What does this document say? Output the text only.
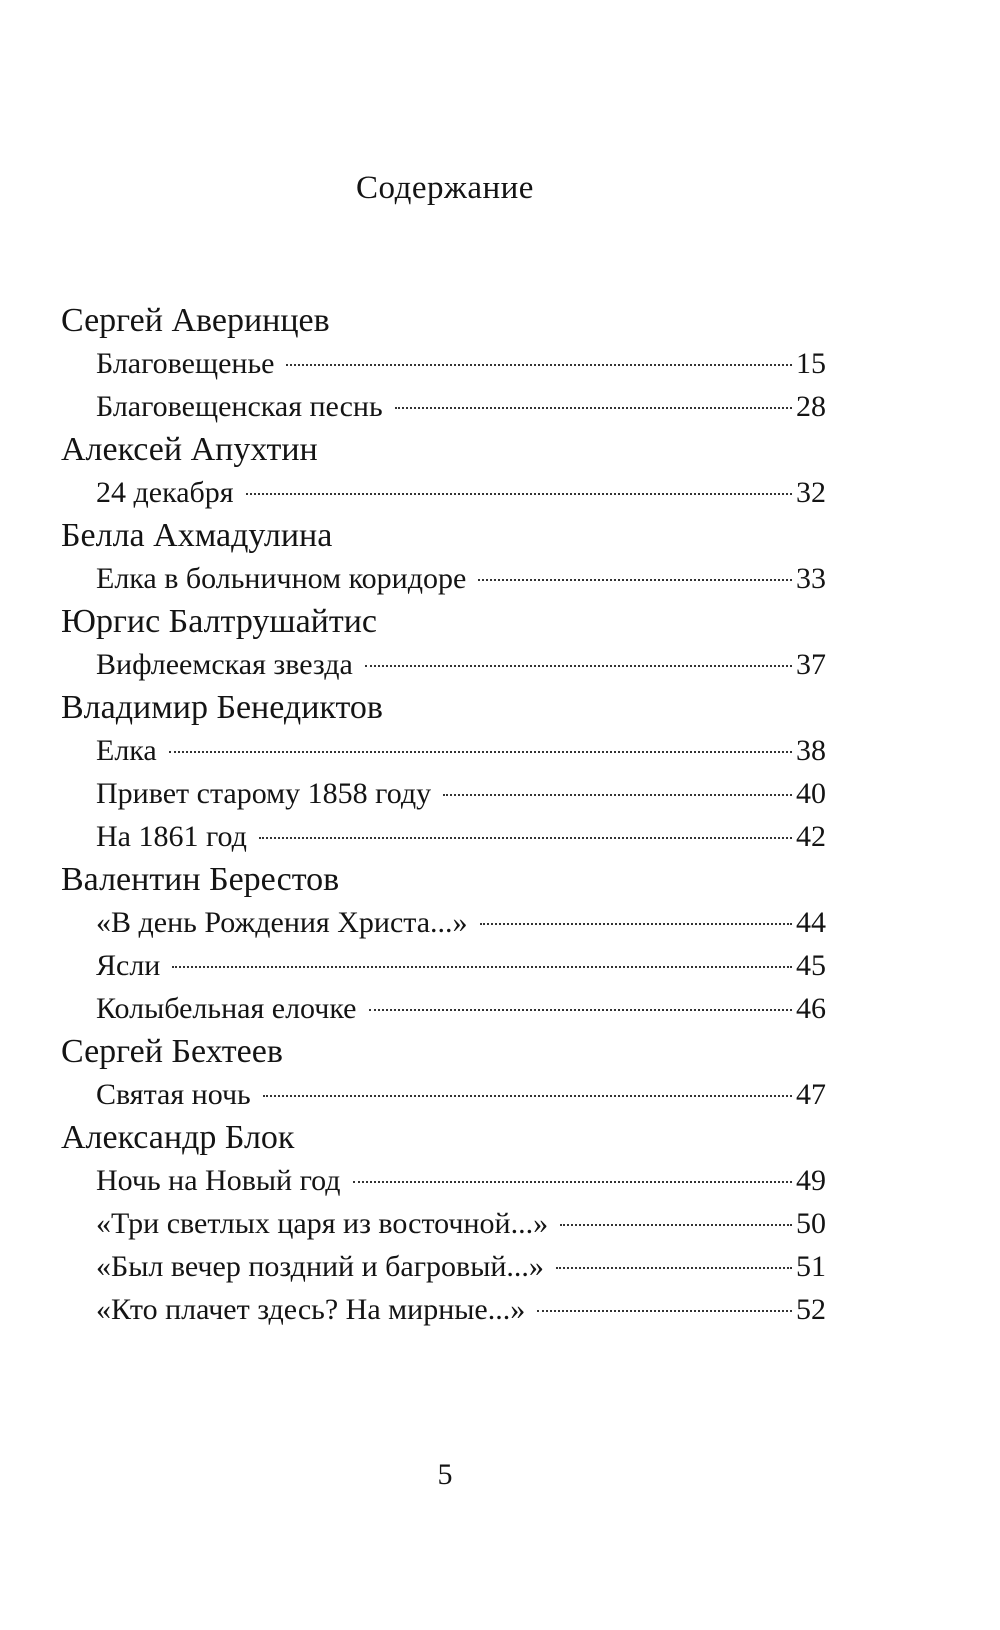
Содержание
Сергей Аверинцев
Благовещенье	15
Благовещенская песнь	28
Алексей Апухтин
24 декабря	32
Белла Ахмадулина
Елка в больничном коридоре	33
Юргис Балтрушайтис
Вифлеемская звезда	37
Владимир Бенедиктов
Елка	38
Привет старому 1858 году	40
На 1861 год	42
Валентин Берестов
«В день Рождения Христа...»	44
Ясли	45
Колыбельная елочке	46
Сергей Бехтеев
Святая ночь	47
Александр Блок
Ночь на Новый год	49
«Три светлых царя из восточной...»	50
«Был вечер поздний и багровый...»	51
«Кто плачет здесь? На мирные...»	52
5
